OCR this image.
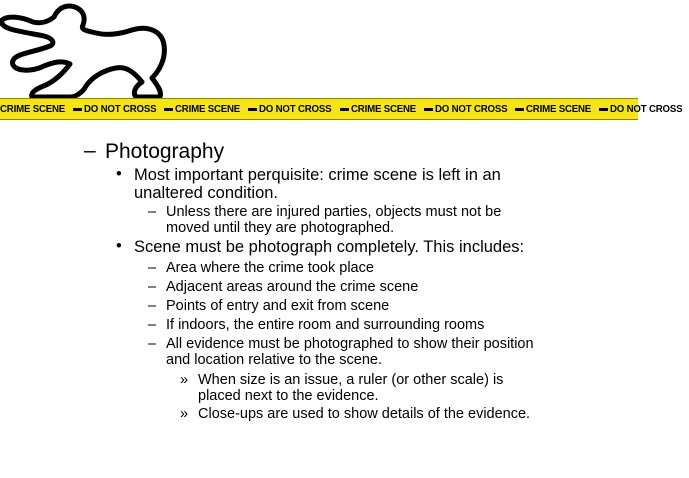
CRIME SCENE DO NOT CROSS CRIME SCENE DO NOT CROSS CRIME SCENE DO NOT CROSS CRIME SCENE DO NOT CROSS
– Photography
• Most important perquisite: crime scene is left in an
unaltered condition.
– Unless there are injured parties, objects must not be
moved until they are photographed.
• Scene must be photograph completely. This includes:
– Area where the crime took place
– Adjacent areas around the crime scene
– Points of entry and exit from scene
– If indoors, the entire room and surrounding rooms
– All evidence must be photographed to show their position
and location relative to the scene.
» When size is an issue, a ruler (or other scale) is
placed next to the evidence.
» Close-ups are used to show details of the evidence.
